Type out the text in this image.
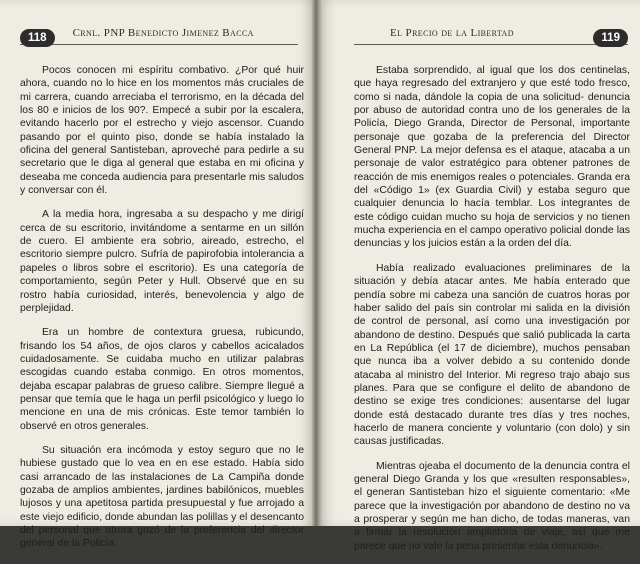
118	Crnl. PNP Benedicto Jimenez Bacca

Pocos conocen mi espíritu combativo. ¿Por qué huir ahora, cuando no lo hice en los momentos más cruciales de mi carrera, cuando arreciaba el terrorismo, en la década del los 80 e inicios de los 90?. Empecé a subir por la escalera, evitando hacerlo por el estrecho y viejo ascensor. Cuando pasando por el quinto piso, donde se había instalado la oficina del general Santisteban, aproveché para pedirle a su secretario que le diga al general que estaba en mi oficina y deseaba me conceda audiencia para presentarle mis saludos y conversar con él.

A la media hora, ingresaba a su despacho y me dirigí cerca de su escritorio, invitándome a sentarme en un sillón de cuero. El ambiente era sobrio, aireado, estrecho, el escritorio siempre pulcro. Sufría de papirofobia intolerancia a papeles o libros sobre el escritorio). Es una categoría de comportamiento, según Peter y Hull. Observé que en su rostro había curiosidad, interés, benevolencia y algo de perplejidad.

Era un hombre de contextura gruesa, rubicundo, frisando los 54 años, de ojos claros y cabellos acicalados cuidadosamente. Se cuidaba mucho en utilizar palabras escogidas cuando estaba conmigo. En otros momentos, dejaba escapar palabras de grueso calibre. Siempre llegué a pensar que temía que le haga un perfil psicológico y luego lo mencione en una de mis crónicas. Este temor también lo observé en otros generales.

Su situación era incómoda y estoy seguro que no le hubiese gustado que lo vea en en ese estado. Había sido casi arrancado de las instalaciones de La Campiña donde gozaba de amplios ambientes, jardines babilónicos, muebles lujosos y una apetitosa partida presupuestal y fue arrojado a este viejo edificio, donde abundan las polillas y el desencanto del personal que otrora gozó de la preferencia del director general de la Policía.

El Precio de la Libertad	119

Estaba sorprendido, al igual que los dos centinelas, que haya regresado del extranjero y que esté todo fresco, como si nada, dándole la copia de una solicitud- denuncia por abuso de autoridad contra uno de los generales de la Policía, Diego Granda, Director de Personal, importante personaje que gozaba de la preferencia del Director General PNP. La mejor defensa es el ataque, atacaba a un personaje de valor estratégico para obtener patrones de reacción de mis enemigos reales o potenciales. Granda era del «Código 1» (ex Guardia Civil) y estaba seguro que cualquier denuncia lo hacía temblar. Los integrantes de este código cuidan mucho su hoja de servicios y no tienen mucha experiencia en el campo operativo policial donde las denuncias y los juicios están a la orden del día.

Había realizado evaluaciones preliminares de la situación y debía atacar antes. Me había enterado que pendía sobre mi cabeza una sanción de cuatros horas por haber salido del país sin controlar mi salida en la división de control de personal, así como una investigación por abandono de destino. Después que salió publicada la carta en La República (el 17 de diciembre), muchos pensaban que nunca iba a volver debido a su contenido donde atacaba al ministro del Interior. Mi regreso trajo abajo sus planes. Para que se configure el delito de abandono de destino se exige tres condiciones: ausentarse del lugar donde está destacado durante tres días y tres noches, hacerlo de manera conciente y voluntario (con dolo) y sin causas justificadas.

Mientras ojeaba el documento de la denuncia contra el general Diego Granda y los que «resulten responsables», el generan Santisteban hizo el siguiente comentario: «Me parece que la investigación por abandono de destino no va a prosperar y según me han dicho, de todas maneras, van a firmar la resolución ampliatoria de viaje, así que me parece que no vale la pena presentar esta denuncia».
